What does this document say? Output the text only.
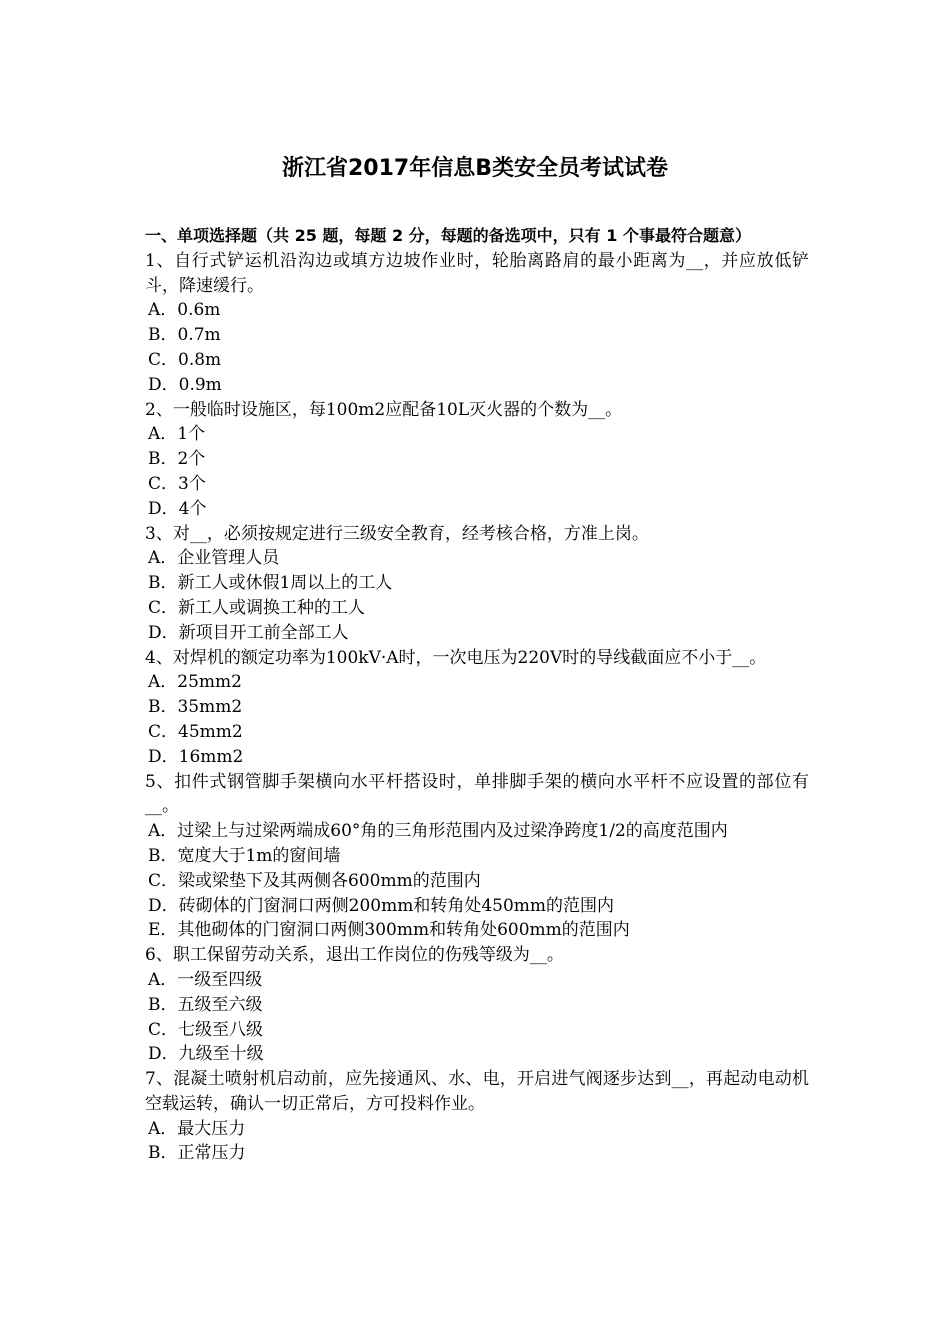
浙江省2017年信息B类安全员考试试卷
一、单项选择题（共 25 题，每题 2 分，每题的备选项中，只有 1 个事最符合题意）
1、自行式铲运机沿沟边或填方边坡作业时，轮胎离路肩的最小距离为__，并应放低铲斗，降速缓行。
A．0.6m
B．0.7m
C．0.8m
D．0.9m
2、一般临时设施区，每100m2应配备10L灭火器的个数为__。
A．1个
B．2个
C．3个
D．4个
3、对__，必须按规定进行三级安全教育，经考核合格，方准上岗。
A．企业管理人员
B．新工人或休假1周以上的工人
C．新工人或调换工种的工人
D．新项目开工前全部工人
4、对焊机的额定功率为100kV·A时，一次电压为220V时的导线截面应不小于__。
A．25mm2
B．35mm2
C．45mm2
D．16mm2
5、扣件式钢管脚手架横向水平杆搭设时，单排脚手架的横向水平杆不应设置的部位有__。
A．过梁上与过梁两端成60°角的三角形范围内及过梁净跨度1/2的高度范围内
B．宽度大于1m的窗间墙
C．梁或梁垫下及其两侧各600mm的范围内
D．砖砌体的门窗洞口两侧200mm和转角处450mm的范围内
E．其他砌体的门窗洞口两侧300mm和转角处600mm的范围内
6、职工保留劳动关系，退出工作岗位的伤残等级为__。
A．一级至四级
B．五级至六级
C．七级至八级
D．九级至十级
7、混凝土喷射机启动前，应先接通风、水、电，开启进气阀逐步达到__，再起动电动机空载运转，确认一切正常后，方可投料作业。
A．最大压力
B．正常压力
